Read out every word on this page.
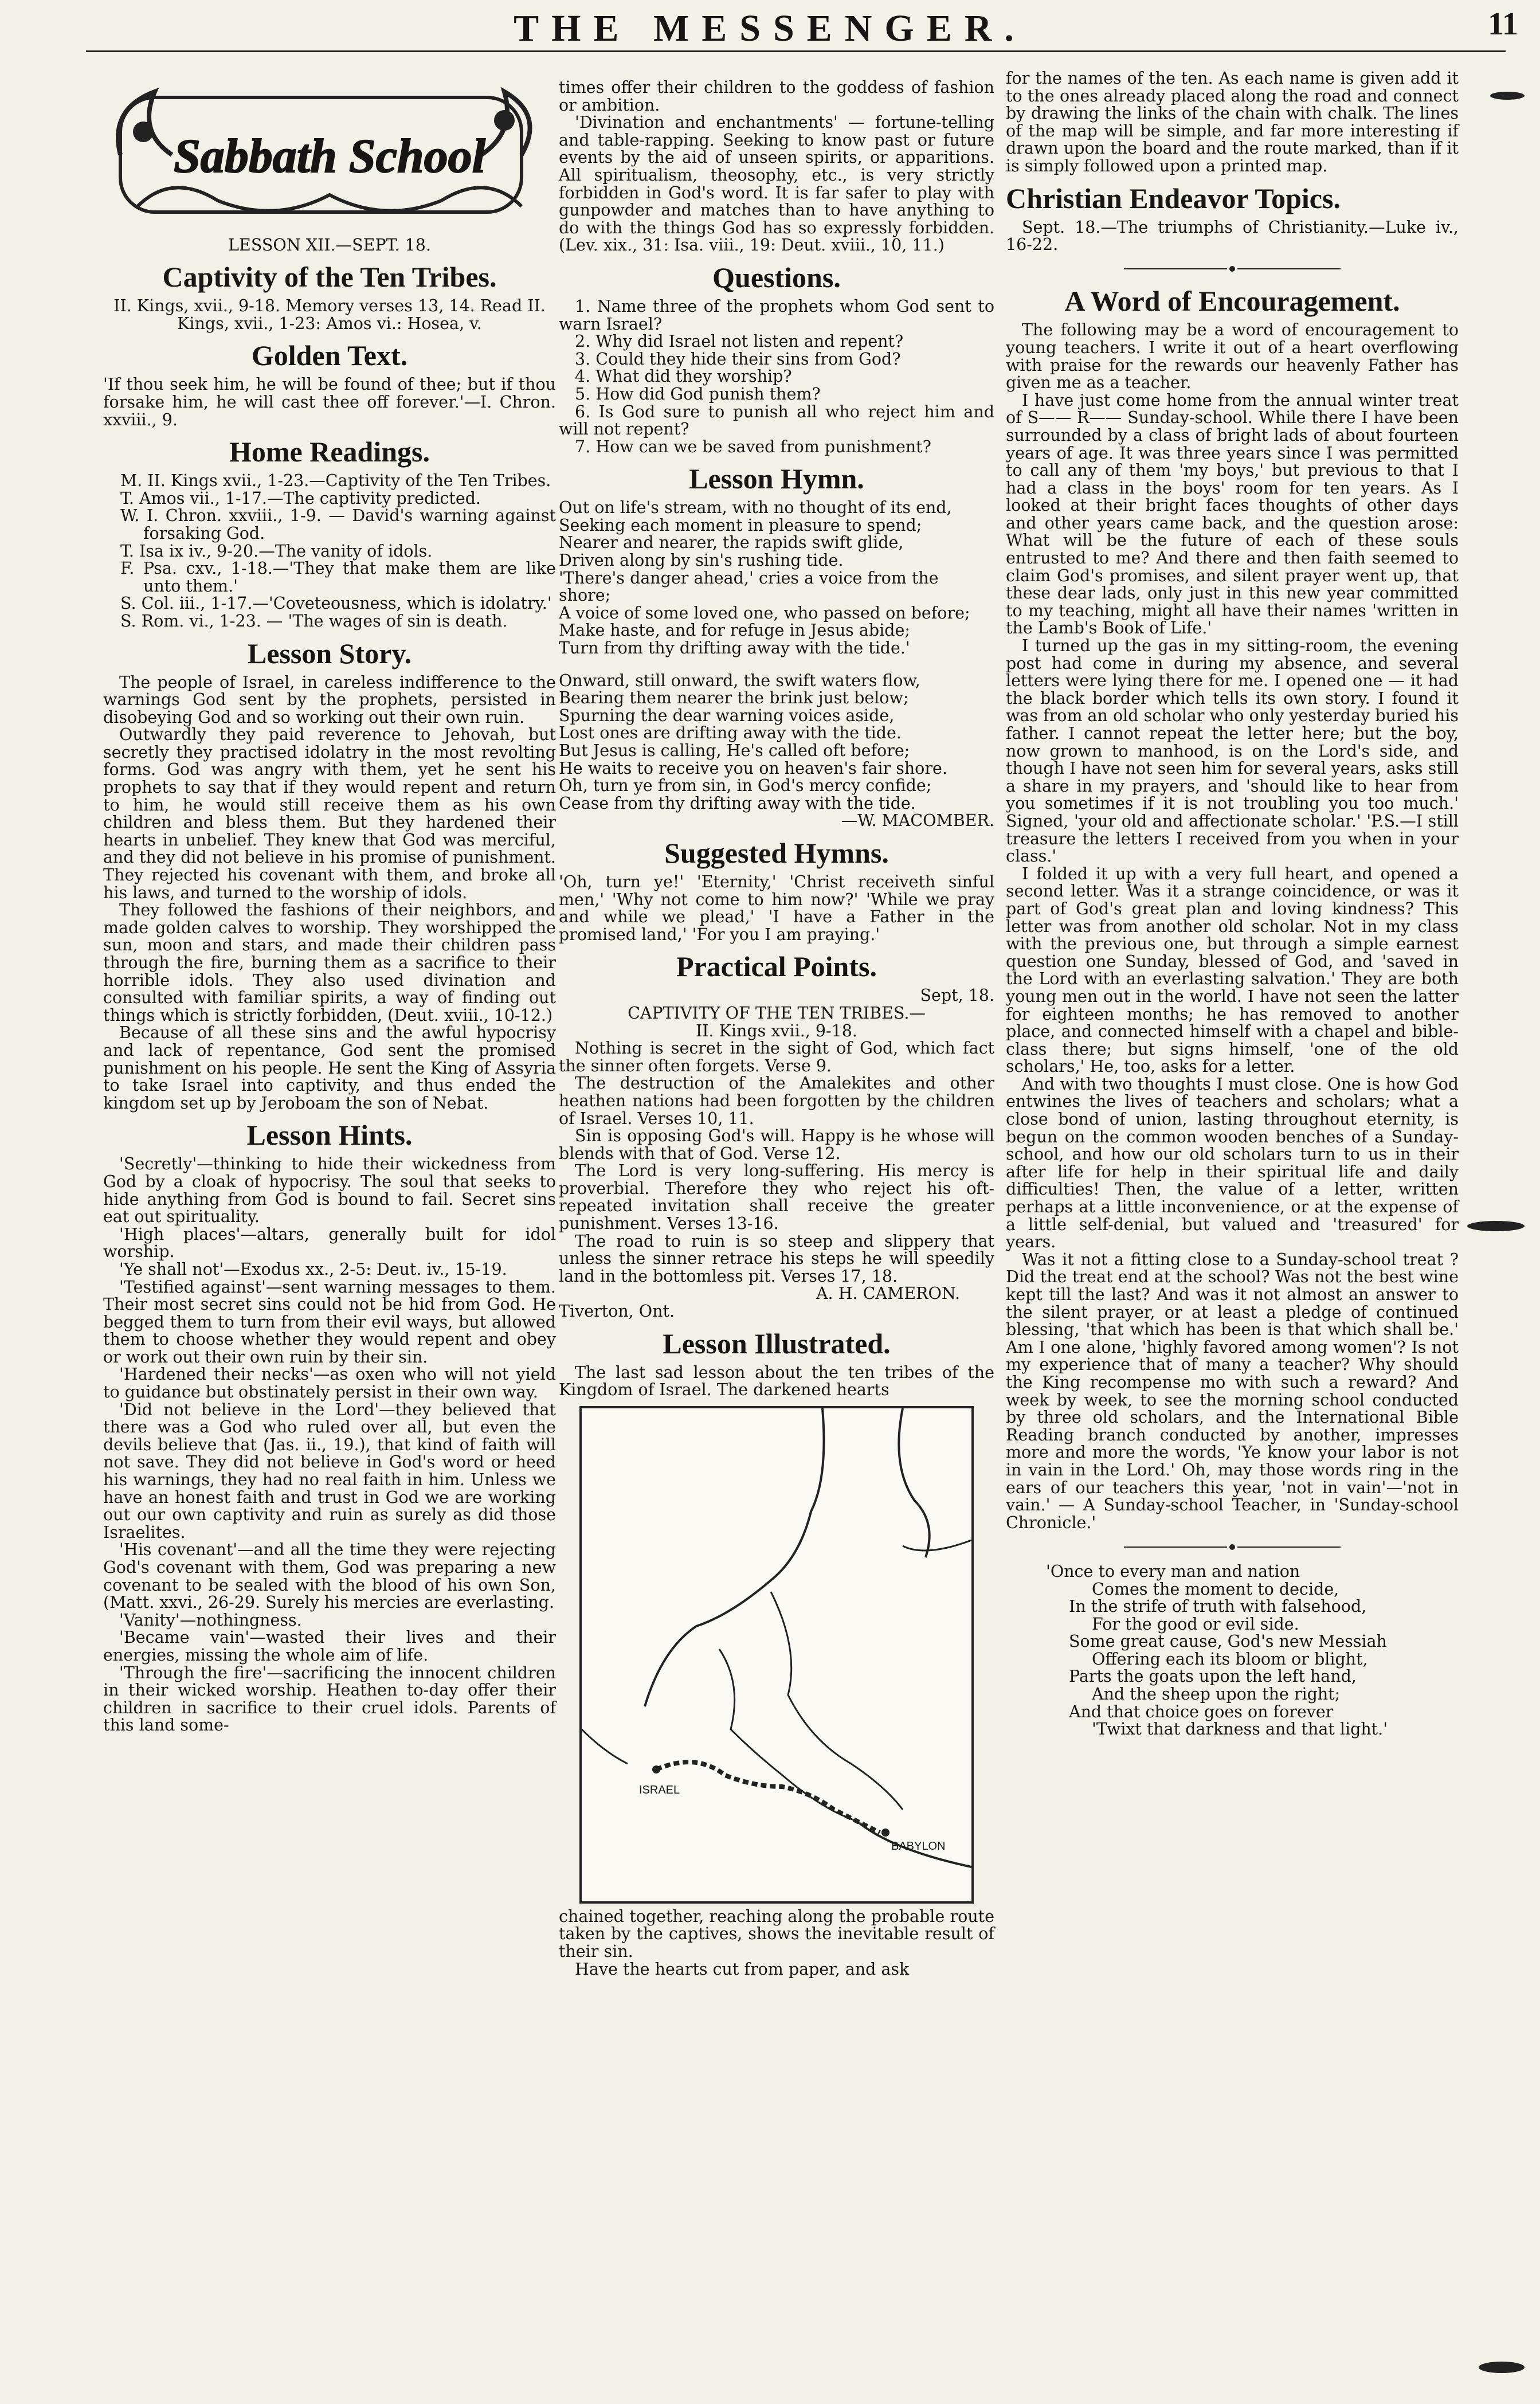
THE MESSENGER.	11
Sabbath School

LESSON XII.—SEPT. 18.

Captivity of the Ten Tribes.

II. Kings, xvii., 9-18. Memory verses 13, 14. Read II. Kings, xvii., 1-23: Amos vi.: Hosea, v.

Golden Text.

'If thou seek him, he will be found of thee; but if thou forsake him, he will cast thee off forever.'—I. Chron. xxviii., 9.

Home Readings.

M. II. Kings xvii., 1-23.—Captivity of the Ten Tribes.

T. Amos vii., 1-17.—The captivity predicted.

W. I. Chron. xxviii., 1-9. — David's warning against forsaking God.

T. Isa ix iv., 9-20.—The vanity of idols.

F. Psa. cxv., 1-18.—'They that make them are like unto them.'

S. Col. iii., 1-17.—'Coveteousness, which is idolatry.'

S. Rom. vi., 1-23. — 'The wages of sin is death.

Lesson Story.

The people of Israel, in careless indifference to the warnings God sent by the prophets, persisted in disobeying God and so working out their own ruin.

Outwardly they paid reverence to Jehovah, but secretly they practised idolatry in the most revolting forms. God was angry with them, yet he sent his prophets to say that if they would repent and return to him, he would still receive them as his own children and bless them. But they hardened their hearts in unbelief. They knew that God was merciful, and they did not believe in his promise of punishment. They rejected his covenant with them, and broke all his laws, and turned to the worship of idols.

They followed the fashions of their neighbors, and made golden calves to worship. They worshipped the sun, moon and stars, and made their children pass through the fire, burning them as a sacrifice to their horrible idols. They also used divination and consulted with familiar spirits, a way of finding out things which is strictly forbidden, (Deut. xviii., 10-12.)

Because of all these sins and the awful hypocrisy and lack of repentance, God sent the promised punishment on his people. He sent the King of Assyria to take Israel into captivity, and thus ended the kingdom set up by Jeroboam the son of Nebat.

Lesson Hints.

'Secretly'—thinking to hide their wickedness from God by a cloak of hypocrisy. The soul that seeks to hide anything from God is bound to fail. Secret sins eat out spirituality.

'High places'—altars, generally built for idol worship.

'Ye shall not'—Exodus xx., 2-5: Deut. iv., 15-19.

'Testified against'—sent warning messages to them. Their most secret sins could not be hid from God. He begged them to turn from their evil ways, but allowed them to choose whether they would repent and obey or work out their own ruin by their sin.

'Hardened their necks'—as oxen who will not yield to guidance but obstinately persist in their own way.

'Did not believe in the Lord'—they believed that there was a God who ruled over all, but even the devils believe that (Jas. ii., 19.), that kind of faith will not save. They did not believe in God's word or heed his warnings, they had no real faith in him. Unless we have an honest faith and trust in God we are working out our own captivity and ruin as surely as did those Israelites.

'His covenant'—and all the time they were rejecting God's covenant with them, God was preparing a new covenant to be sealed with the blood of his own Son, (Matt. xxvi., 26-29. Surely his mercies are everlasting.

'Vanity'—nothingness.

'Became vain'—wasted their lives and their energies, missing the whole aim of life.

'Through the fire'—sacrificing the innocent children in their wicked worship. Heathen to-day offer their children in sacrifice to their cruel idols. Parents of this land some-

times offer their children to the goddess of fashion or ambition.

'Divination and enchantments' — fortune-telling and table-rapping. Seeking to know past or future events by the aid of unseen spirits, or apparitions. All spiritualism, theosophy, etc., is very strictly forbidden in God's word. It is far safer to play with gunpowder and matches than to have anything to do with the things God has so expressly forbidden. (Lev. xix., 31: Isa. viii., 19: Deut. xviii., 10, 11.)

Questions.

1. Name three of the prophets whom God sent to warn Israel?

2. Why did Israel not listen and repent?

3. Could they hide their sins from God?

4. What did they worship?

5. How did God punish them?

6. Is God sure to punish all who reject him and will not repent?

7. How can we be saved from punishment?

Lesson Hymn.
Out on life's stream, with no thought of its end,
Seeking each moment in pleasure to spend;
Nearer and nearer, the rapids swift glide,
Driven along by sin's rushing tide.
'There's danger ahead,' cries a voice from the shore;
A voice of some loved one, who passed on before;
Make haste, and for refuge in Jesus abide;
Turn from thy drifting away with the tide.'
Onward, still onward, the swift waters flow,
Bearing them nearer the brink just below;
Spurning the dear warning voices aside,
Lost ones are drifting away with the tide.
But Jesus is calling, He's called oft before;
He waits to receive you on heaven's fair shore.
Oh, turn ye from sin, in God's mercy confide;
Cease from thy drifting away with the tide.

—W. MACOMBER.

Suggested Hymns.

'Oh, turn ye!' 'Eternity,' 'Christ receiveth sinful men,' 'Why not come to him now?' 'While we pray and while we plead,' 'I have a Father in the promised land,' 'For you I am praying.'

Practical Points.

Sept, 18.

CAPTIVITY OF THE TEN TRIBES.—

II. Kings xvii., 9-18.

Nothing is secret in the sight of God, which fact the sinner often forgets. Verse 9.

The destruction of the Amalekites and other heathen nations had been forgotten by the children of Israel. Verses 10, 11.

Sin is opposing God's will. Happy is he whose will blends with that of God. Verse 12.

The Lord is very long-suffering. His mercy is proverbial. Therefore they who reject his oft-repeated invitation shall receive the greater punishment. Verses 13-16.

The road to ruin is so steep and slippery that unless the sinner retrace his steps he will speedily land in the bottomless pit. Verses 17, 18.

A. H. CAMERON.

Tiverton, Ont.

Lesson Illustrated.

The last sad lesson about the ten tribes of the Kingdom of Israel. The darkened hearts

ISRAEL
BABYLON

chained together, reaching along the probable route taken by the captives, shows the inevitable result of their sin.

Have the hearts cut from paper, and ask

for the names of the ten. As each name is given add it to the ones already placed along the road and connect by drawing the links of the chain with chalk. The lines of the map will be simple, and far more interesting if drawn upon the board and the route marked, than if it is simply followed upon a printed map.

Christian Endeavor Topics.

Sept. 18.—The triumphs of Christianity.—Luke iv., 16-22.

A Word of Encouragement.

The following may be a word of encouragement to young teachers. I write it out of a heart overflowing with praise for the rewards our heavenly Father has given me as a teacher.

I have just come home from the annual winter treat of S—— R—— Sunday-school. While there I have been surrounded by a class of bright lads of about fourteen years of age. It was three years since I was permitted to call any of them 'my boys,' but previous to that I had a class in the boys' room for ten years. As I looked at their bright faces thoughts of other days and other years came back, and the question arose: What will be the future of each of these souls entrusted to me? And there and then faith seemed to claim God's promises, and silent prayer went up, that these dear lads, only just in this new year committed to my teaching, might all have their names 'written in the Lamb's Book of Life.'

I turned up the gas in my sitting-room, the evening post had come in during my absence, and several letters were lying there for me. I opened one — it had the black border which tells its own story. I found it was from an old scholar who only yesterday buried his father. I cannot repeat the letter here; but the boy, now grown to manhood, is on the Lord's side, and though I have not seen him for several years, asks still a share in my prayers, and 'should like to hear from you sometimes if it is not troubling you too much.' Signed, 'your old and affectionate scholar.' 'P.S.—I still treasure the letters I received from you when in your class.'

I folded it up with a very full heart, and opened a second letter. Was it a strange coincidence, or was it part of God's great plan and loving kindness? This letter was from another old scholar. Not in my class with the previous one, but through a simple earnest question one Sunday, blessed of God, and 'saved in the Lord with an everlasting salvation.' They are both young men out in the world. I have not seen the latter for eighteen months; he has removed to another place, and connected himself with a chapel and bible-class there; but signs himself, 'one of the old scholars,' He, too, asks for a letter.

And with two thoughts I must close. One is how God entwines the lives of teachers and scholars; what a close bond of union, lasting throughout eternity, is begun on the common wooden benches of a Sunday-school, and how our old scholars turn to us in their after life for help in their spiritual life and daily difficulties! Then, the value of a letter, written perhaps at a little inconvenience, or at the expense of a little self-denial, but valued and 'treasured' for years.

Was it not a fitting close to a Sunday-school treat ? Did the treat end at the school? Was not the best wine kept till the last? And was it not almost an answer to the silent prayer, or at least a pledge of continued blessing, 'that which has been is that which shall be.' Am I one alone, 'highly favored among women'? Is not my experience that of many a teacher? Why should the King recompense mo with such a reward? And week by week, to see the morning school conducted by three old scholars, and the International Bible Reading branch conducted by another, impresses more and more the words, 'Ye know your labor is not in vain in the Lord.' Oh, may those words ring in the ears of our teachers this year, 'not in vain'—'not in vain.' — A Sunday-school Teacher, in 'Sunday-school Chronicle.'

'Once to every man and nation
Comes the moment to decide,
In the strife of truth with falsehood,
For the good or evil side.
Some great cause, God's new Messiah
Offering each its bloom or blight,
Parts the goats upon the left hand,
And the sheep upon the right;
And that choice goes on forever
'Twixt that darkness and that light.'
